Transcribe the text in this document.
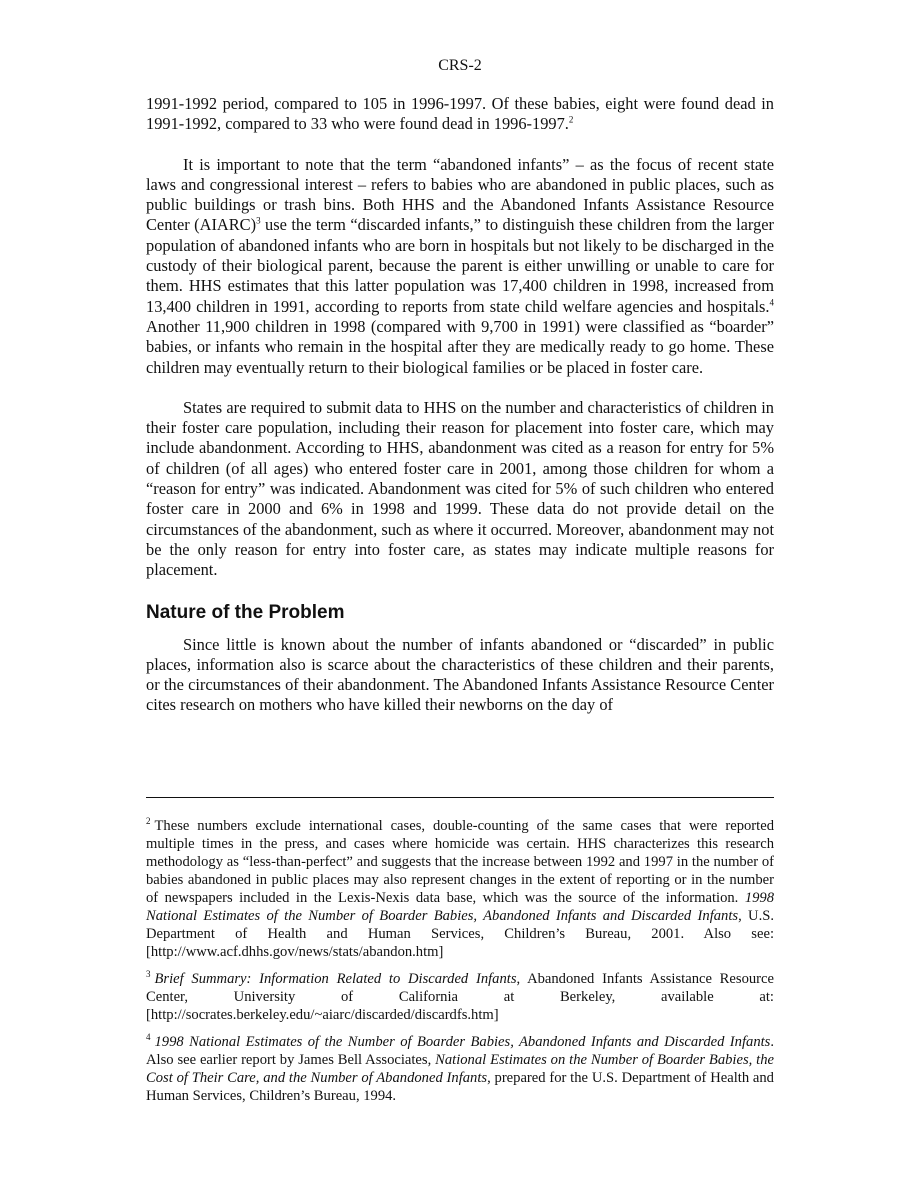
CRS-2

1991-1992 period, compared to 105 in 1996-1997. Of these babies, eight were found dead in 1991-1992, compared to 33 who were found dead in 1996-1997.$^2$

It is important to note that the term “abandoned infants” – as the focus of recent state laws and congressional interest – refers to babies who are abandoned in public places, such as public buildings or trash bins. Both HHS and the Abandoned Infants Assistance Resource Center (AIARC)$^3$ use the term “discarded infants,” to distinguish these children from the larger population of abandoned infants who are born in hospitals but not likely to be discharged in the custody of their biological parent, because the parent is either unwilling or unable to care for them. HHS estimates that this latter population was 17,400 children in 1998, increased from 13,400 children in 1991, according to reports from state child welfare agencies and hospitals.$^4$ Another 11,900 children in 1998 (compared with 9,700 in 1991) were classified as “boarder” babies, or infants who remain in the hospital after they are medically ready to go home. These children may eventually return to their biological families or be placed in foster care.

States are required to submit data to HHS on the number and characteristics of children in their foster care population, including their reason for placement into foster care, which may include abandonment. According to HHS, abandonment was cited as a reason for entry for 5% of children (of all ages) who entered foster care in 2001, among those children for whom a “reason for entry” was indicated. Abandonment was cited for 5% of such children who entered foster care in 2000 and 6% in 1998 and 1999. These data do not provide detail on the circumstances of the abandonment, such as where it occurred. Moreover, abandonment may not be the only reason for entry into foster care, as states may indicate multiple reasons for placement.

Nature of the Problem

Since little is known about the number of infants abandoned or “discarded” in public places, information also is scarce about the characteristics of these children and their parents, or the circumstances of their abandonment. The Abandoned Infants Assistance Resource Center cites research on mothers who have killed their newborns on the day of

$^2$ These numbers exclude international cases, double-counting of the same cases that were reported multiple times in the press, and cases where homicide was certain. HHS characterizes this research methodology as “less-than-perfect” and suggests that the increase between 1992 and 1997 in the number of babies abandoned in public places may also represent changes in the extent of reporting or in the number of newspapers included in the Lexis-Nexis data base, which was the source of the information. 1998 National Estimates of the Number of Boarder Babies, Abandoned Infants and Discarded Infants, U.S. Department of Health and Human Services, Children’s Bureau, 2001. Also see: [http://www.acf.dhhs.gov/news/stats/abandon.htm]

$^3$ Brief Summary: Information Related to Discarded Infants, Abandoned Infants Assistance Resource Center, University of California at Berkeley, available at: [http://socrates.berkeley.edu/~aiarc/discarded/discardfs.htm]

$^4$ 1998 National Estimates of the Number of Boarder Babies, Abandoned Infants and Discarded Infants. Also see earlier report by James Bell Associates, National Estimates on the Number of Boarder Babies, the Cost of Their Care, and the Number of Abandoned Infants, prepared for the U.S. Department of Health and Human Services, Children’s Bureau, 1994.
